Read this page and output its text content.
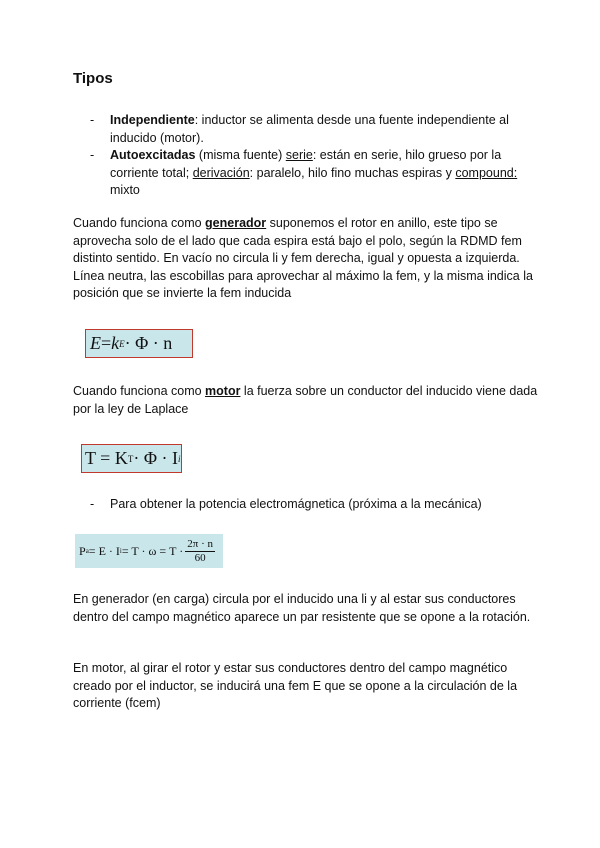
Tipos
- Independiente: inductor se alimenta desde una fuente independiente al inducido (motor).
- Autoexcitadas (misma fuente) serie: están en serie, hilo grueso por la corriente total; derivación: paralelo, hilo fino muchas espiras y compound: mixto
Cuando funciona como generador suponemos el rotor en anillo, este tipo se aprovecha solo de el lado que cada espira está bajo el polo, según la RDMD fem distinto sentido. En vacío no circula li y fem derecha, igual y opuesta a izquierda. Línea neutra, las escobillas para aprovechar al máximo la fem, y la misma indica la posición que se invierte la fem inducida
E = k E · Φ · n
Cuando funciona como motor la fuerza sobre un conductor del inducido viene dada por la ley de Laplace
T = K T · Φ · I i
- Para obtener la potencia electromágnetica (próxima a la mecánica)
P a = E · I $i = T \cdot \omega = T \cdot \frac{2\pi \cdot n}{60}$
En generador (en carga) circula por el inducido una li y al estar sus conductores dentro del campo magnético aparece un par resistente que se opone a la rotación.
En motor, al girar el rotor y estar sus conductores dentro del campo magnético creado por el inductor, se inducirá una fem E que se opone a la circulación de la corriente (fcem)
